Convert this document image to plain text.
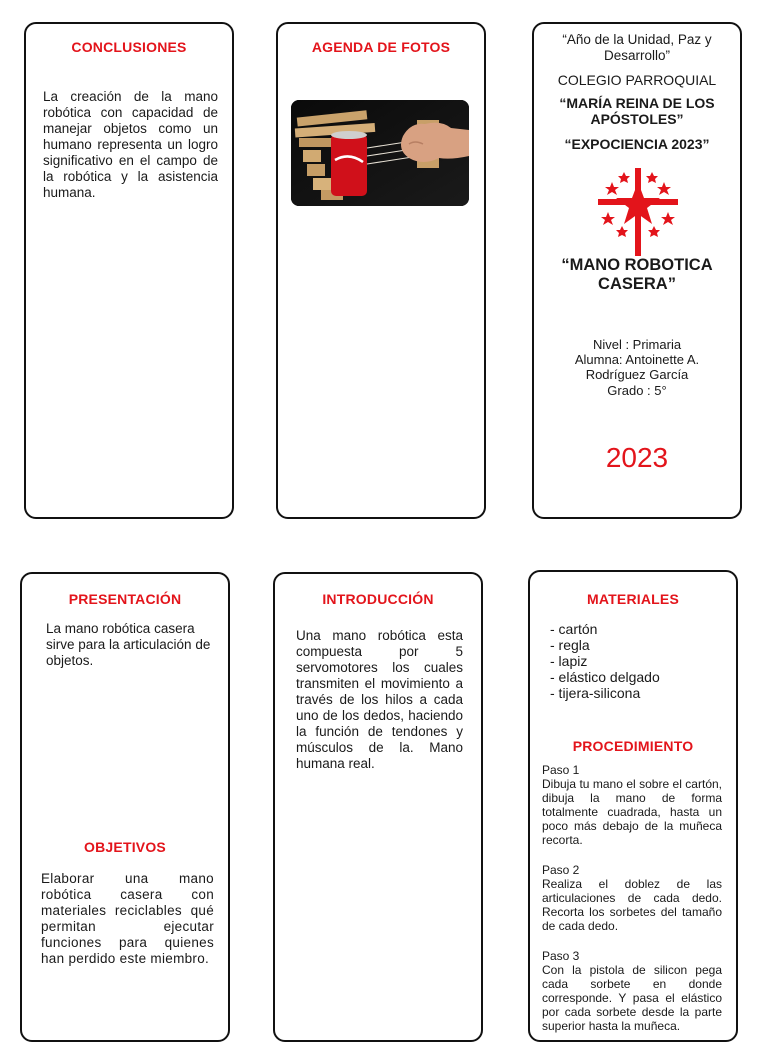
CONCLUSIONES
La creación de la mano robótica con capacidad de manejar objetos como un humano representa un logro significativo en el campo de la robótica y la asistencia humana.
AGENDA DE FOTOS	“Año de la Unidad, Paz y Desarrollo”
COLEGIO PARROQUIAL
“MARÍA REINA DE LOS APÓSTOLES”
“EXPOCIENCIA 2023”
“MANO ROBOTICA CASERA”
Nivel : Primaria
Alumna: Antoinette A. Rodríguez García
Grado : 5°
2023
PRESENTACIÓN
La mano robótica casera sirve para la articulación de objetos.
OBJETIVOS
Elaborar una mano robótica casera con materiales reciclables qué permitan ejecutar funciones para quienes han perdido este miembro.
INTRODUCCIÓN
Una mano robótica esta compuesta por 5 servomotores los cuales transmiten el movimiento a través de los hilos a cada uno de los dedos, haciendo la función de tendones y músculos de la. Mano humana real.
MATERIALES
- cartón
- regla
- lapiz
- elástico delgado
- tijera-silicona
PROCEDIMIENTO
Paso 1
Dibuja tu mano el sobre el cartón, dibuja la mano de forma totalmente cuadrada, hasta un poco más debajo de la muñeca recorta.
Paso 2
Realiza el doblez de las articulaciones de cada dedo. Recorta los sorbetes del tamaño de cada dedo.
Paso 3
Con la pistola de silicon pega cada sorbete en donde corresponde. Y pasa el elástico por cada sorbete desde la parte superior hasta la muñeca.
